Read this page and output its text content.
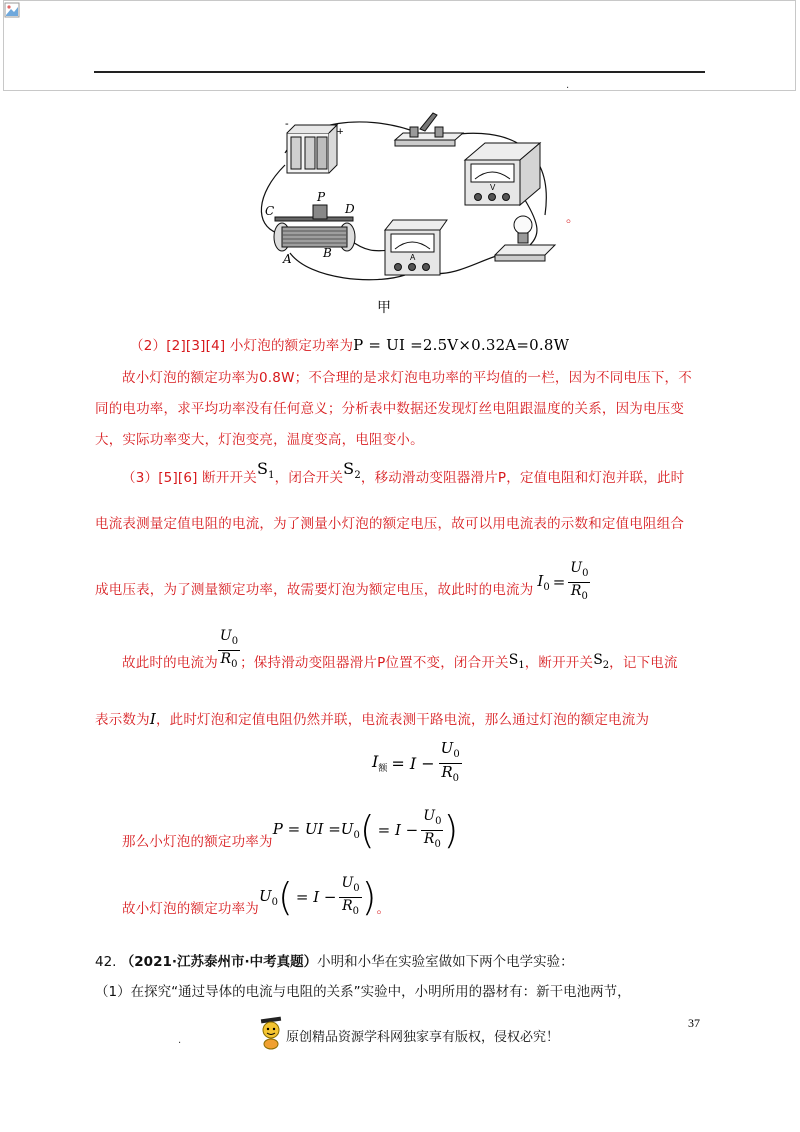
.
-
+
C
P
D
A	B	A
V
甲
。
（2）[2][3][4] 小灯泡的额定功率为P = UI =2.5V×0.32A=0.8W
故小灯泡的额定功率为0.8W；不合理的是求灯泡电功率的平均值的一栏，因为不同电压下，不
同的电功率，求平均功率没有任何意义；分析表中数据还发现灯丝电阻跟温度的关系，因为电压变
大，实际功率变大，灯泡变亮，温度变高，电阻变小。
（3）[5][6] 断开开关$S_1$，闭合开关$S_2$，移动滑动变阻器滑片P，定值电阻和灯泡并联，此时
电流表测量定值电阻的电流，为了测量小灯泡的额定电压，故可以用电流表的示数和定值电阻组合
成电压表，为了测量额定功率，故需要灯泡为额定电压，故此时的电流为
$I_0 = \frac{U_0}{R_0}$
故此时的电流为 $\frac{U_0}{R_0}$ ；保持滑动变阻器滑片P位置不变，闭合开关 $S_1$ ，断开开关 $S_2$ ，记下电流
表示数为I，此时灯泡和定值电阻仍然并联，电流表测干路电流，那么通过灯泡的额定电流为
$I_额 = I - \frac{U_0}{R_0}$
那么小灯泡的额定功率为
P = UI $=U_0$ ( = $I - \frac{U_0}{R_0}$ )
故小灯泡的额定功率为
$U_0$ ( = $I - \frac{U_0}{R_0}$ ) 。
42. （2021·江苏泰州市·中考真题）小明和小华在实验室做如下两个电学实验：
（1）在探究“通过导体的电流与电阻的关系”实验中，小明所用的器材有：新干电池两节，
37
.	原创精品资源学科网独家享有版权，侵权必究！
